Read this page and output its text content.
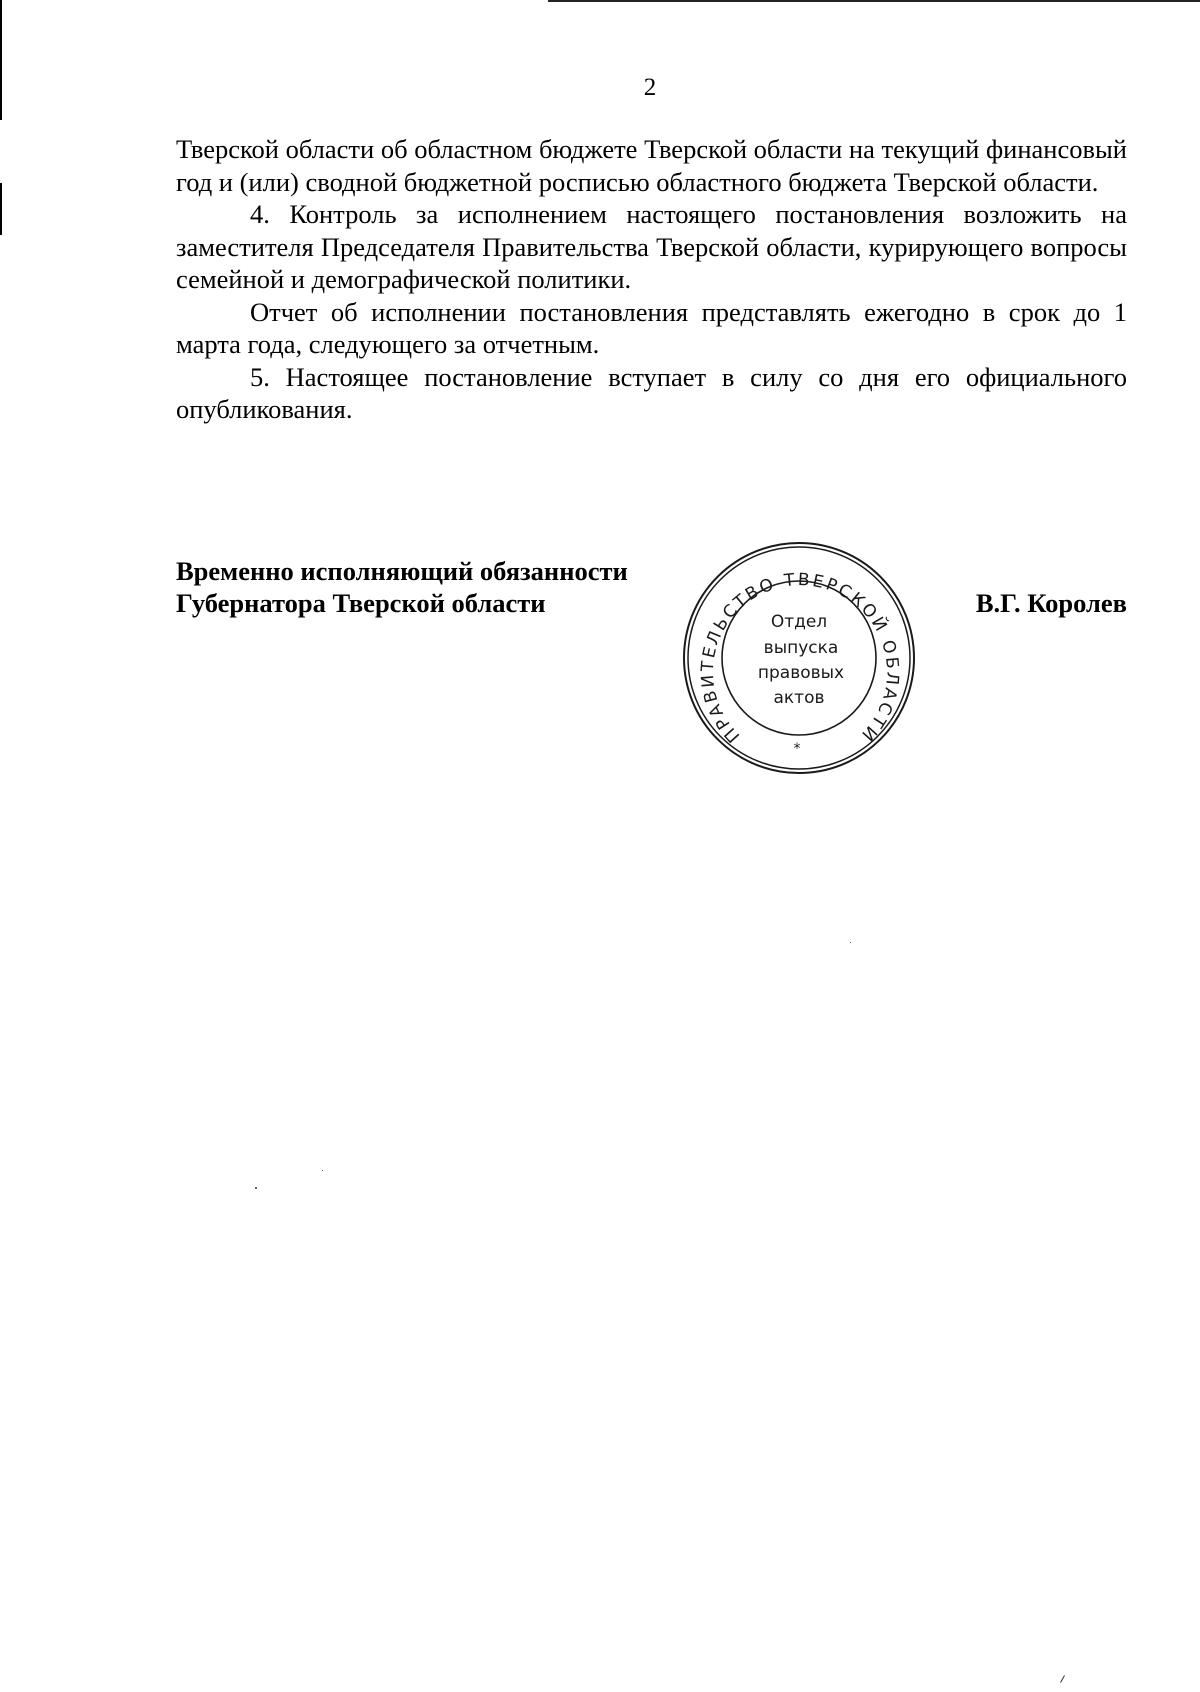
2

Тверской области об областном бюджете Тверской области на текущий финансовый год и (или) сводной бюджетной росписью областного бюджета Тверской области.

4. Контроль за исполнением настоящего постановления возложить на заместителя Председателя Правительства Тверской области, курирующего вопросы семейной и демографической политики.

Отчет об исполнении постановления представлять ежегодно в срок до 1 марта года, следующего за отчетным.

5. Настоящее постановление вступает в силу со дня его официального опубликования.

Временно исполняющий обязанности
Губернатора Тверской области	В.Г. Королев
ПРАВИТЕЛЬСТВО ТВЕРСКОЙ ОБЛАСТИ
Отдел
выпуска
правовых
актов
*
